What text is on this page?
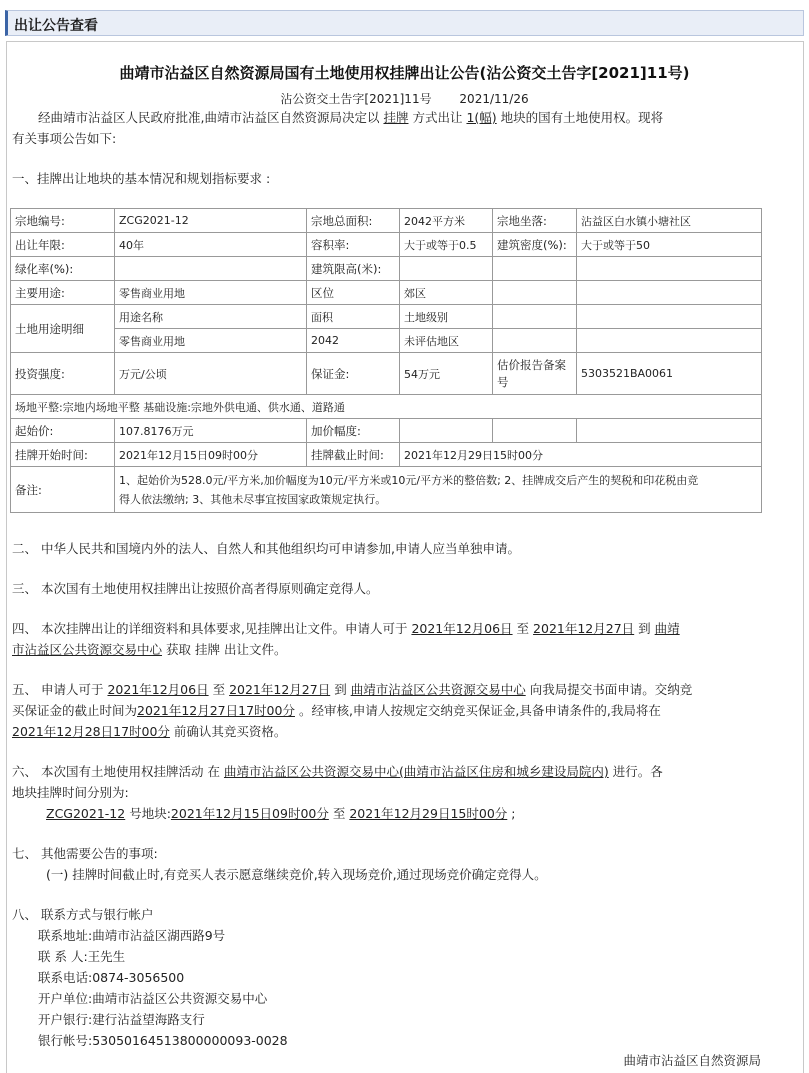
出让公告查看
曲靖市沾益区自然资源局国有土地使用权挂牌出让公告(沾公资交土告字[2021]11号)
沾公资交土告字[2021]11号 2021/11/26
经曲靖市沾益区人民政府批准,曲靖市沾益区自然资源局决定以 挂牌 方式出让 1(幅) 地块的国有土地使用权。现将
有关事项公告如下:
一、挂牌出让地块的基本情况和规划指标要求 :
宗地编号:	ZCG2021-12	宗地总面积:	2042平方米	宗地坐落:	沾益区白水镇小塘社区
出让年限:	40年	容积率:	大于或等于0.5	建筑密度(%):	大于或等于50
绿化率(%):		建筑限高(米):			
主要用途:	零售商业用地	区位	郊区		
土地用途明细	用途名称	面积	土地级别		
	零售商业用地	2042	未评估地区		
投资强度:	万元/公顷	保证金:	54万元	估价报告备案号	5303521BA0061
场地平整:宗地内场地平整 基础设施:宗地外供电通、供水通、道路通					
起始价:	107.8176万元	加价幅度:			
挂牌开始时间:	2021年12月15日09时00分	挂牌截止时间:	2021年12月29日15时00分		
备注:	1、起始价为528.0元/平方米,加价幅度为10元/平方米或10元/平方米的整倍数; 2、挂牌成交后产生的契税和印花税由竞
得人依法缴纳; 3、其他未尽事宜按国家政策规定执行。				
二、 中华人民共和国境内外的法人、自然人和其他组织均可申请参加,申请人应当单独申请。
三、 本次国有土地使用权挂牌出让按照价高者得原则确定竞得人。
四、 本次挂牌出让的详细资料和具体要求,见挂牌出让文件。申请人可于 2021年12月06日 至 2021年12月27日 到 曲靖
市沾益区公共资源交易中心 获取 挂牌 出让文件。
五、 申请人可于 2021年12月06日 至 2021年12月27日 到 曲靖市沾益区公共资源交易中心 向我局提交书面申请。交纳竞
买保证金的截止时间为2021年12月27日17时00分 。经审核,申请人按规定交纳竞买保证金,具备申请条件的,我局将在
2021年12月28日17时00分 前确认其竞买资格。
六、 本次国有土地使用权挂牌活动 在 曲靖市沾益区公共资源交易中心(曲靖市沾益区住房和城乡建设局院内) 进行。各
地块挂牌时间分别为:
ZCG2021-12 号地块:2021年12月15日09时00分 至 2021年12月29日15时00分 ;
七、 其他需要公告的事项:
(一) 挂牌时间截止时,有竞买人表示愿意继续竞价,转入现场竞价,通过现场竞价确定竞得人。
八、 联系方式与银行帐户
联系地址:曲靖市沾益区湖西路9号
联 系 人:王先生
联系电话:0874-3056500
开户单位:曲靖市沾益区公共资源交易中心
开户银行:建行沾益望海路支行
银行帐号:53050164513800000093-0028
曲靖市沾益区自然资源局
